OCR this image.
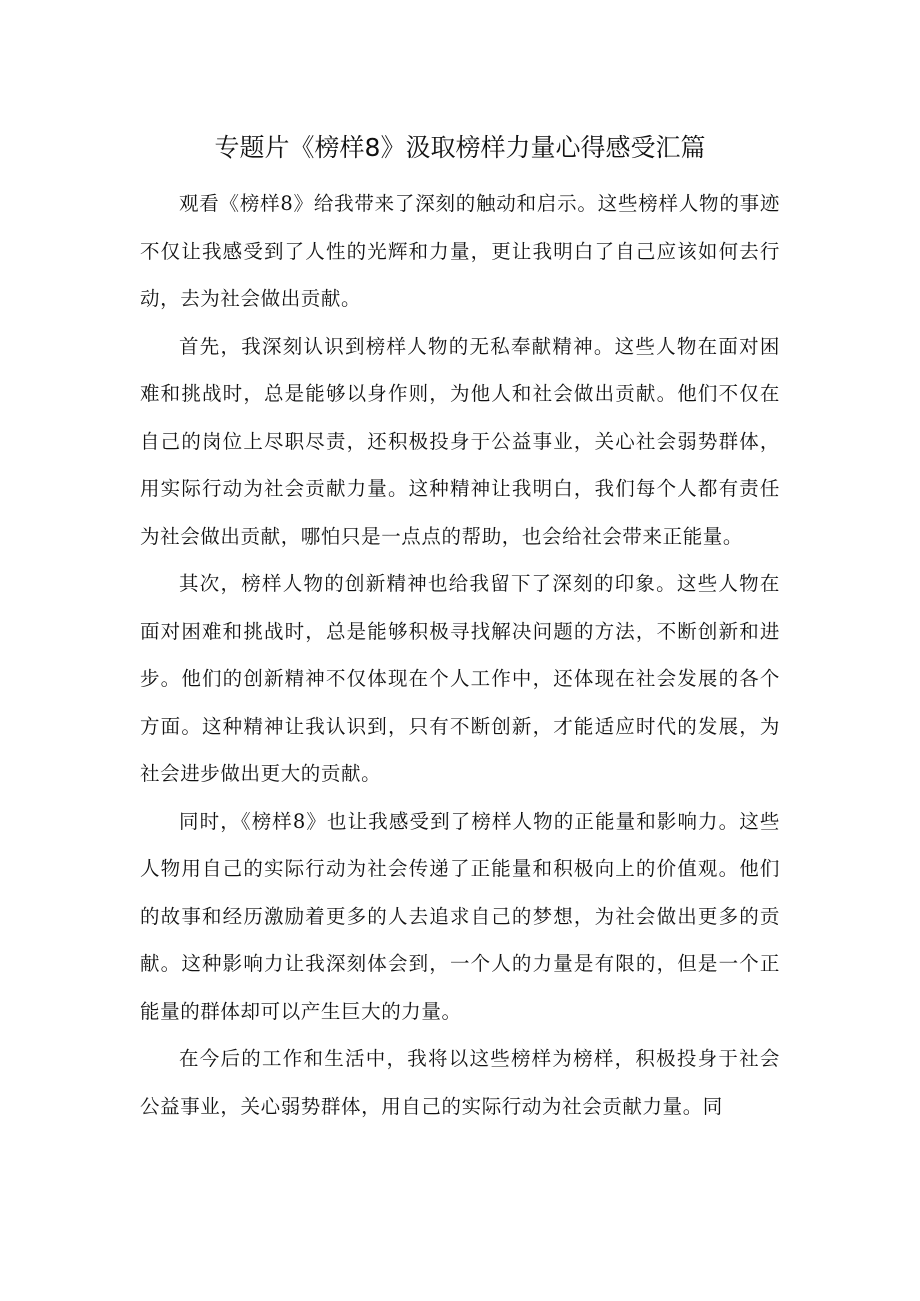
专题片《榜样8》汲取榜样力量心得感受汇篇

观看《榜样8》给我带来了深刻的触动和启示。这些榜样人物的事迹不仅让我感受到了人性的光辉和力量，更让我明白了自己应该如何去行动，去为社会做出贡献。

首先，我深刻认识到榜样人物的无私奉献精神。这些人物在面对困难和挑战时，总是能够以身作则，为他人和社会做出贡献。他们不仅在自己的岗位上尽职尽责，还积极投身于公益事业，关心社会弱势群体，用实际行动为社会贡献力量。这种精神让我明白，我们每个人都有责任为社会做出贡献，哪怕只是一点点的帮助，也会给社会带来正能量。

其次，榜样人物的创新精神也给我留下了深刻的印象。这些人物在面对困难和挑战时，总是能够积极寻找解决问题的方法，不断创新和进步。他们的创新精神不仅体现在个人工作中，还体现在社会发展的各个方面。这种精神让我认识到，只有不断创新，才能适应时代的发展，为社会进步做出更大的贡献。

同时，《榜样8》也让我感受到了榜样人物的正能量和影响力。这些人物用自己的实际行动为社会传递了正能量和积极向上的价值观。他们的故事和经历激励着更多的人去追求自己的梦想，为社会做出更多的贡献。这种影响力让我深刻体会到，一个人的力量是有限的，但是一个正能量的群体却可以产生巨大的力量。

在今后的工作和生活中，我将以这些榜样为榜样，积极投身于社会公益事业，关心弱势群体，用自己的实际行动为社会贡献力量。同
